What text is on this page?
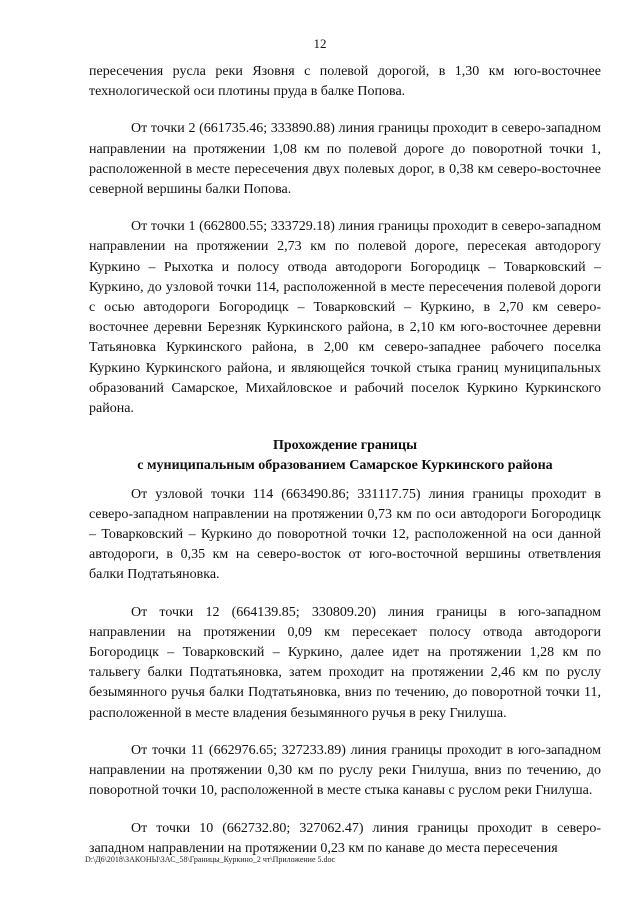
12

пересечения русла реки Язовня с полевой дорогой, в 1,30 км юго-восточнее технологической оси плотины пруда в балке Попова.

От точки 2 (661735.46; 333890.88) линия границы проходит в северо-западном направлении на протяжении 1,08 км по полевой дороге до поворотной точки 1, расположенной в месте пересечения двух полевых дорог, в 0,38 км северо-восточнее северной вершины балки Попова.

От точки 1 (662800.55; 333729.18) линия границы проходит в северо-западном направлении на протяжении 2,73 км по полевой дороге, пересекая автодорогу Куркино – Рыхотка и полосу отвода автодороги Богородицк – Товарковский – Куркино, до узловой точки 114, расположенной в месте пересечения полевой дороги с осью автодороги Богородицк – Товарковский – Куркино, в 2,70 км северо-восточнее деревни Березняк Куркинского района, в 2,10 км юго-восточнее деревни Татьяновка Куркинского района, в 2,00 км северо-западнее рабочего поселка Куркино Куркинского района, и являющейся точкой стыка границ муниципальных образований Самарское, Михайловское и рабочий поселок Куркино Куркинского района.

Прохождение границы
с муниципальным образованием Самарское Куркинского района

От узловой точки 114 (663490.86; 331117.75) линия границы проходит в северо-западном направлении на протяжении 0,73 км по оси автодороги Богородицк – Товарковский – Куркино до поворотной точки 12, расположенной на оси данной автодороги, в 0,35 км на северо-восток от юго-восточной вершины ответвления балки Подтатьяновка.

От точки 12 (664139.85; 330809.20) линия границы в юго-западном направлении на протяжении 0,09 км пересекает полосу отвода автодороги Богородицк – Товарковский – Куркино, далее идет на протяжении 1,28 км по тальвегу балки Подтатьяновка, затем проходит на протяжении 2,46 км по руслу безымянного ручья балки Подтатьяновка, вниз по течению, до поворотной точки 11, расположенной в месте владения безымянного ручья в реку Гнилуша.

От точки 11 (662976.65; 327233.89) линия границы проходит в юго-западном направлении на протяжении 0,30 км по руслу реки Гнилуша, вниз по течению, до поворотной точки 10, расположенной в месте стыка канавы с руслом реки Гнилуша.

От точки 10 (662732.80; 327062.47) линия границы проходит в северо-западном направлении на протяжении 0,23 км по канаве до места пересечения

D:\Д6\2018\ЗАКОНЫ\ЗАС_58\Границы_Куркино_2 чт\Приложение 5.doc
